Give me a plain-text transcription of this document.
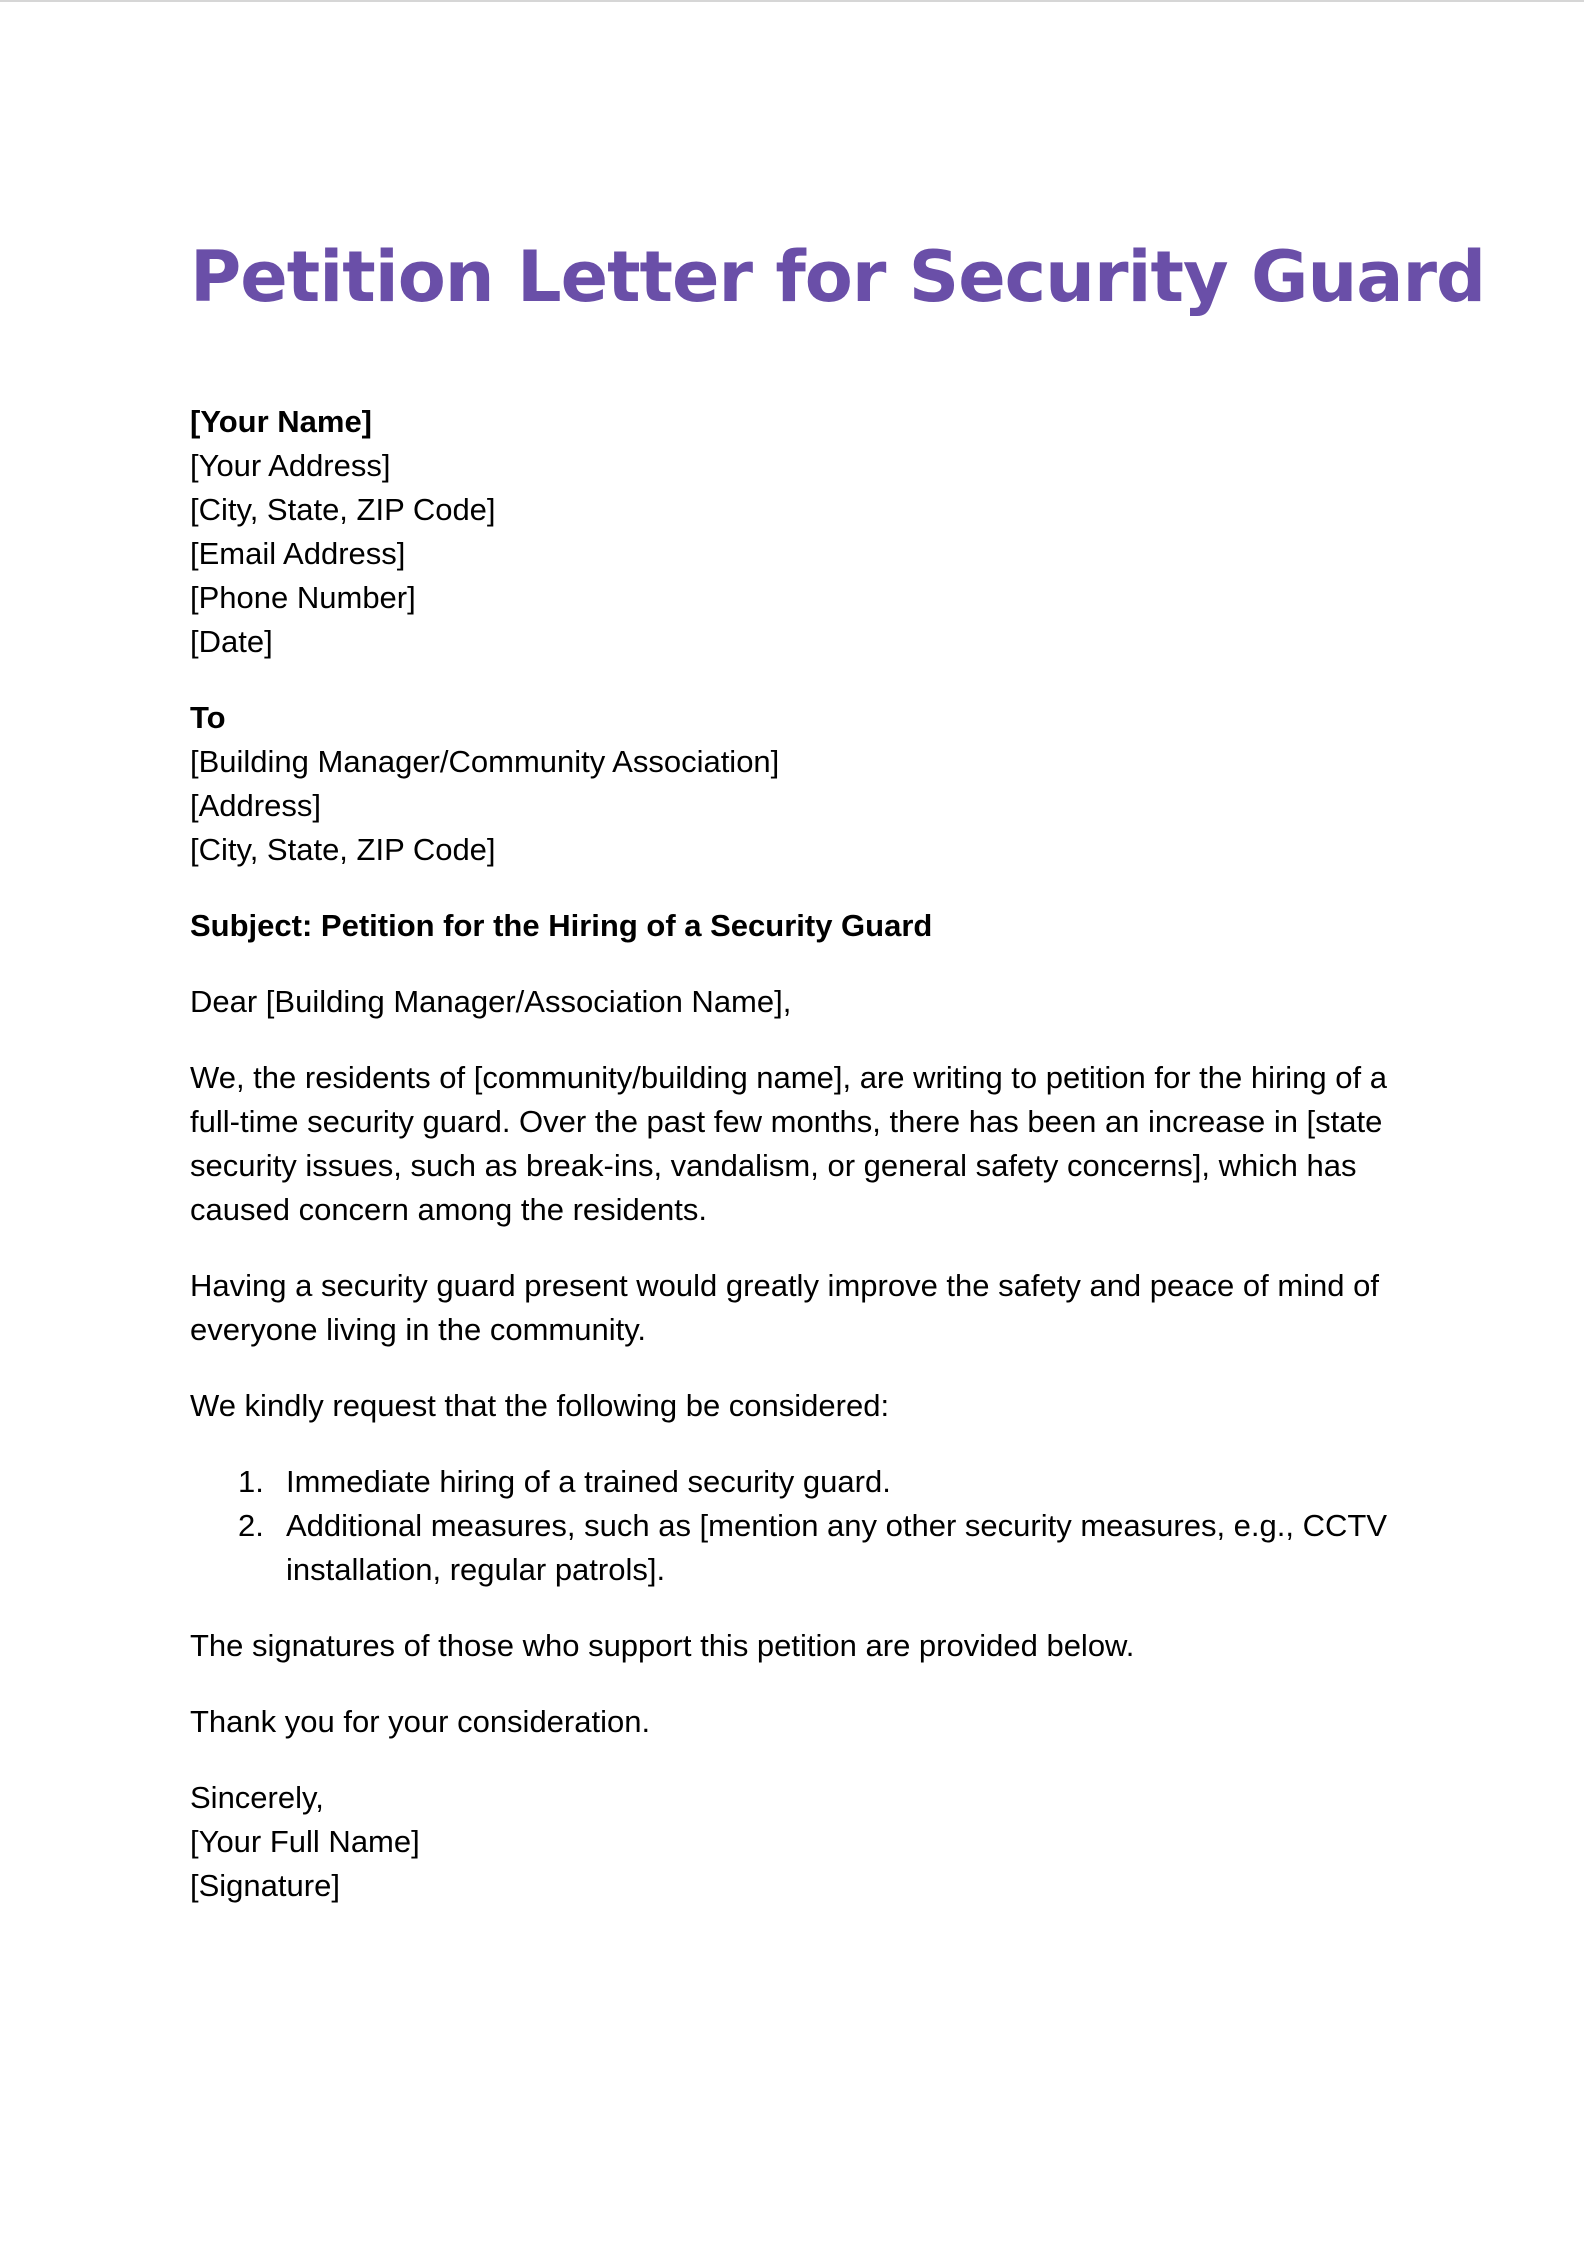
Petition Letter for Security Guard
[Your Name]
[Your Address]
[City, State, ZIP Code]
[Email Address]
[Phone Number]
[Date]
To
[Building Manager/Community Association]
[Address]
[City, State, ZIP Code]
Subject: Petition for the Hiring of a Security Guard
Dear [Building Manager/Association Name],
We, the residents of [community/building name], are writing to petition for the hiring of a full-time security guard. Over the past few months, there has been an increase in [state security issues, such as break-ins, vandalism, or general safety concerns], which has caused concern among the residents.
Having a security guard present would greatly improve the safety and peace of mind of everyone living in the community.
We kindly request that the following be considered:
1. Immediate hiring of a trained security guard.
2. Additional measures, such as [mention any other security measures, e.g., CCTV installation, regular patrols].
The signatures of those who support this petition are provided below.
Thank you for your consideration.
Sincerely,
[Your Full Name]
[Signature]
